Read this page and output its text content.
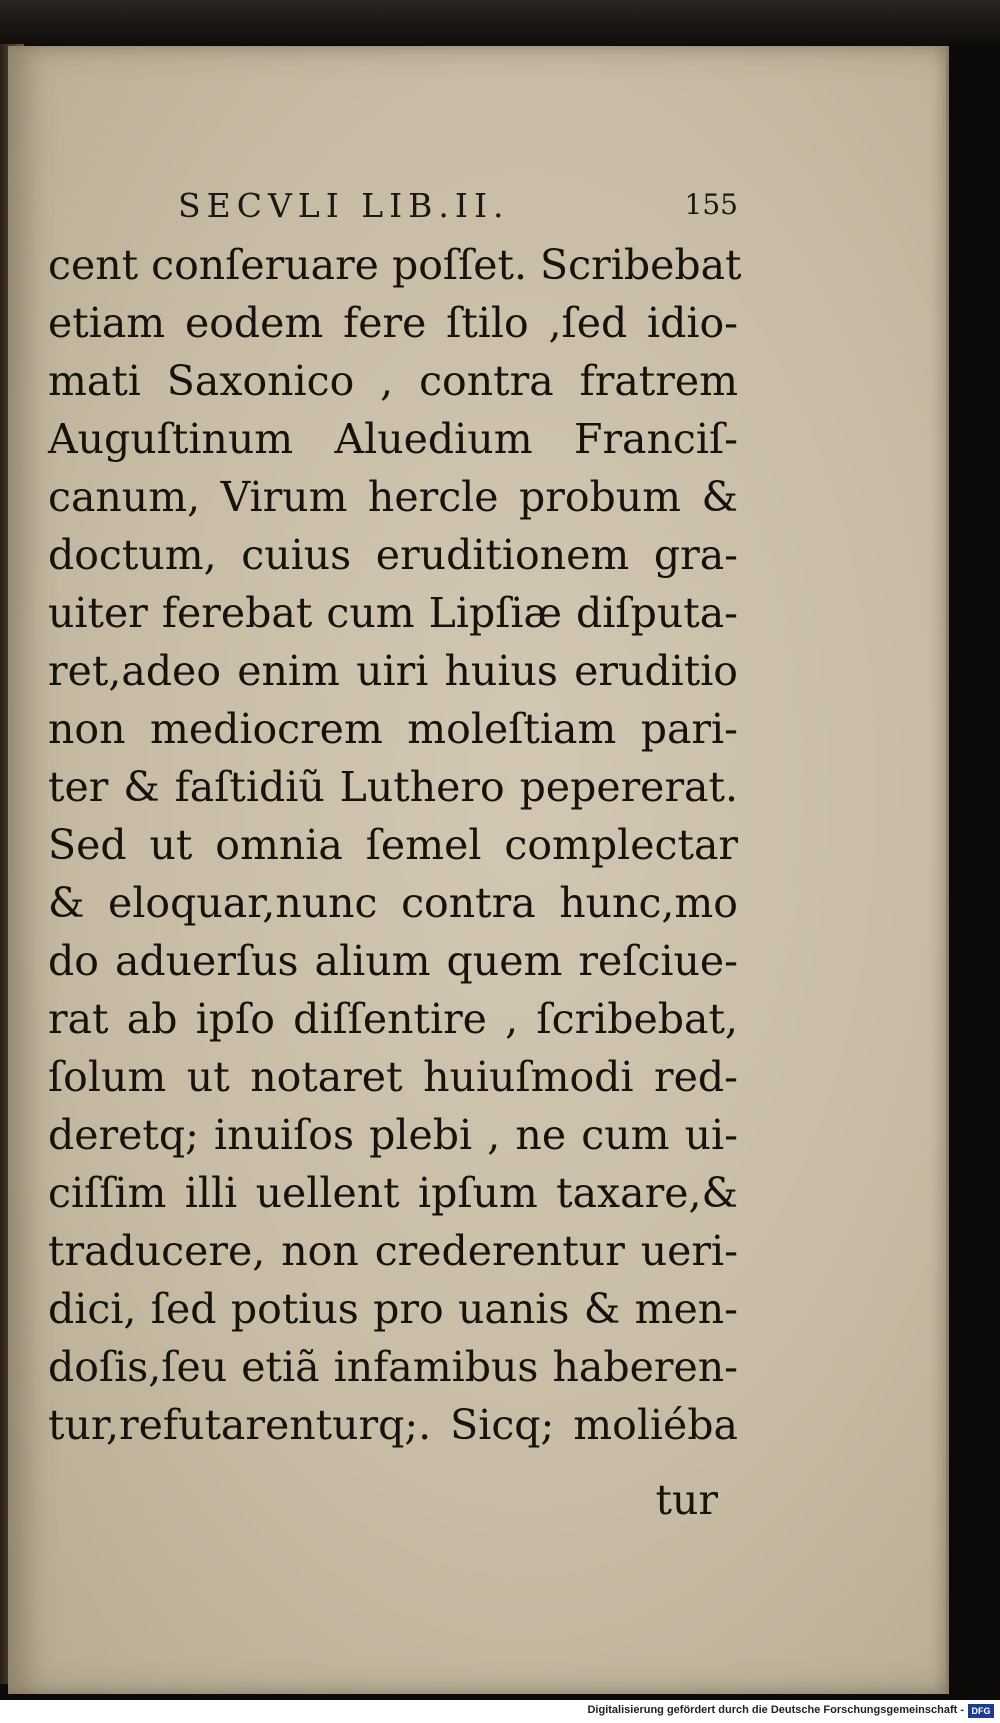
SECVLI LIB.II.	155
cent conſeruare poſſet. Scribebat
etiam eodem fere ſtilo ,ſed idio-
mati Saxonico , contra fratrem
Auguſtinum Aluedium Franciſ-
canum, Virum hercle probum &
doctum, cuius eruditionem gra-
uiter ferebat cum Lipſiæ diſputa-
ret,adeo enim uiri huius eruditio
non mediocrem moleſtiam pari-
ter & faſtidiũ Luthero pepererat.
Sed ut omnia ſemel complectar
& eloquar,nunc contra hunc,mo
do aduerſus alium quem reſciue-
rat ab ipſo diſſentire , ſcribebat,
ſolum ut notaret huiuſmodi red-
deretq; inuiſos plebi , ne cum ui-
ciſſim illi uellent ipſum taxare,&
traducere, non crederentur ueri-
dici, ſed potius pro uanis & men-
doſis,ſeu etiã infamibus haberen-
tur,refutarenturq;. Sicq; moliéba
tur
Digitalisierung gefördert durch die Deutsche Forschungsgemeinschaft - DFG
